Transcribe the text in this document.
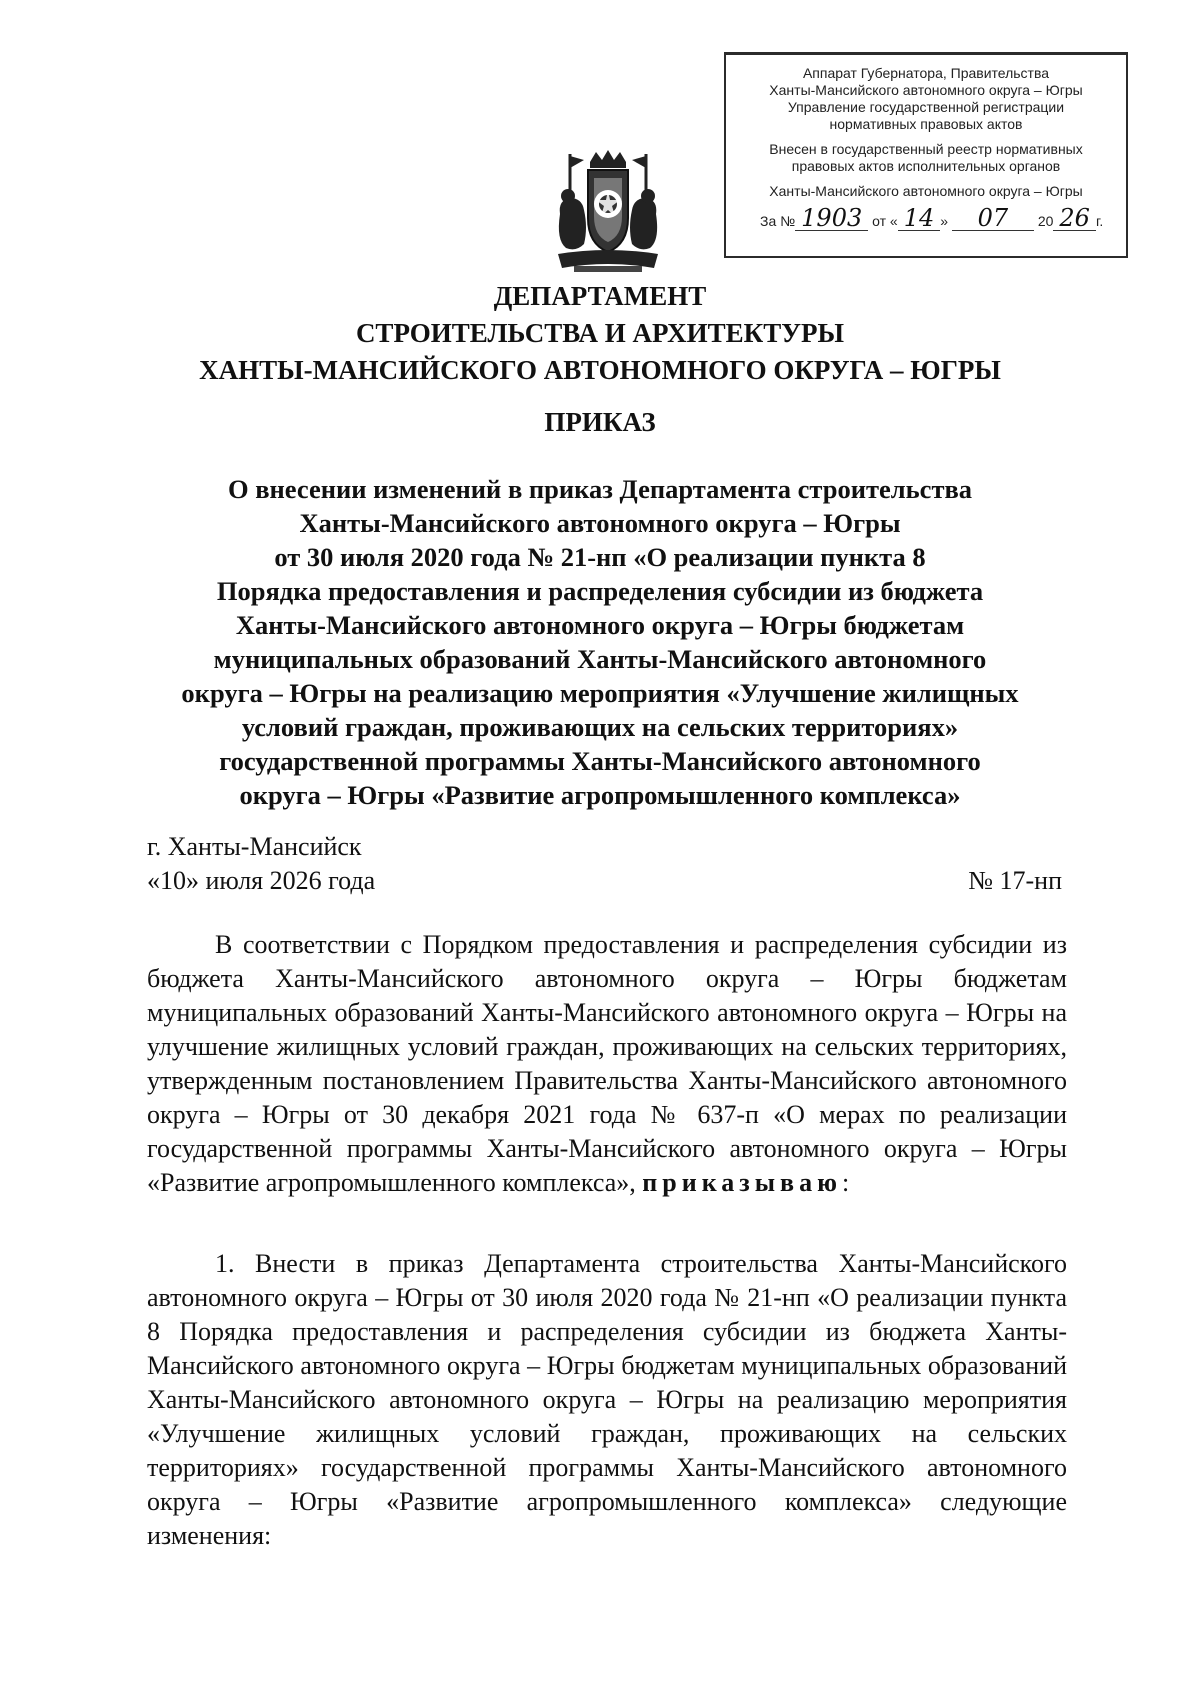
Аппарат Губернатора, Правительства
Ханты-Мансийского автономного округа – Югры
Управление государственной регистрации
нормативных правовых актов
Внесен в государственный реестр нормативных
правовых актов исполнительных органов
Ханты-Мансийского автономного округа – Югры
За № 1903 от « 14 » 07 20 26 г.
ДЕПАРТАМЕНТ
СТРОИТЕЛЬСТВА И АРХИТЕКТУРЫ
ХАНТЫ-МАНСИЙСКОГО АВТОНОМНОГО ОКРУГА – ЮГРЫ
ПРИКАЗ
О внесении изменений в приказ Департамента строительства
Ханты-Мансийского автономного округа – Югры
от 30 июля 2020 года № 21-нп «О реализации пункта 8
Порядка предоставления и распределения субсидии из бюджета
Ханты-Мансийского автономного округа – Югры бюджетам
муниципальных образований Ханты-Мансийского автономного
округа – Югры на реализацию мероприятия «Улучшение жилищных
условий граждан, проживающих на сельских территориях»
государственной программы Ханты-Мансийского автономного
округа – Югры «Развитие агропромышленного комплекса»
г. Ханты-Мансийск
«10» июля 2026 года	№ 17-нп
В соответствии с Порядком предоставления и распределения субсидии из бюджета Ханты-Мансийского автономного округа – Югры бюджетам муниципальных образований Ханты-Мансийского автономного округа – Югры на улучшение жилищных условий граждан, проживающих на сельских территориях, утвержденным постановлением Правительства Ханты-Мансийского автономного округа – Югры от 30 декабря 2021 года № 637-п «О мерах по реализации государственной программы Ханты-Мансийского автономного округа – Югры «Развитие агропромышленного комплекса», приказываю:
1. Внести в приказ Департамента строительства Ханты-Мансийского автономного округа – Югры от 30 июля 2020 года № 21-нп «О реализации пункта 8 Порядка предоставления и распределения субсидии из бюджета Ханты-Мансийского автономного округа – Югры бюджетам муниципальных образований Ханты-Мансийского автономного округа – Югры на реализацию мероприятия «Улучшение жилищных условий граждан, проживающих на сельских территориях» государственной программы Ханты-Мансийского автономного округа – Югры «Развитие агропромышленного комплекса» следующие изменения:
